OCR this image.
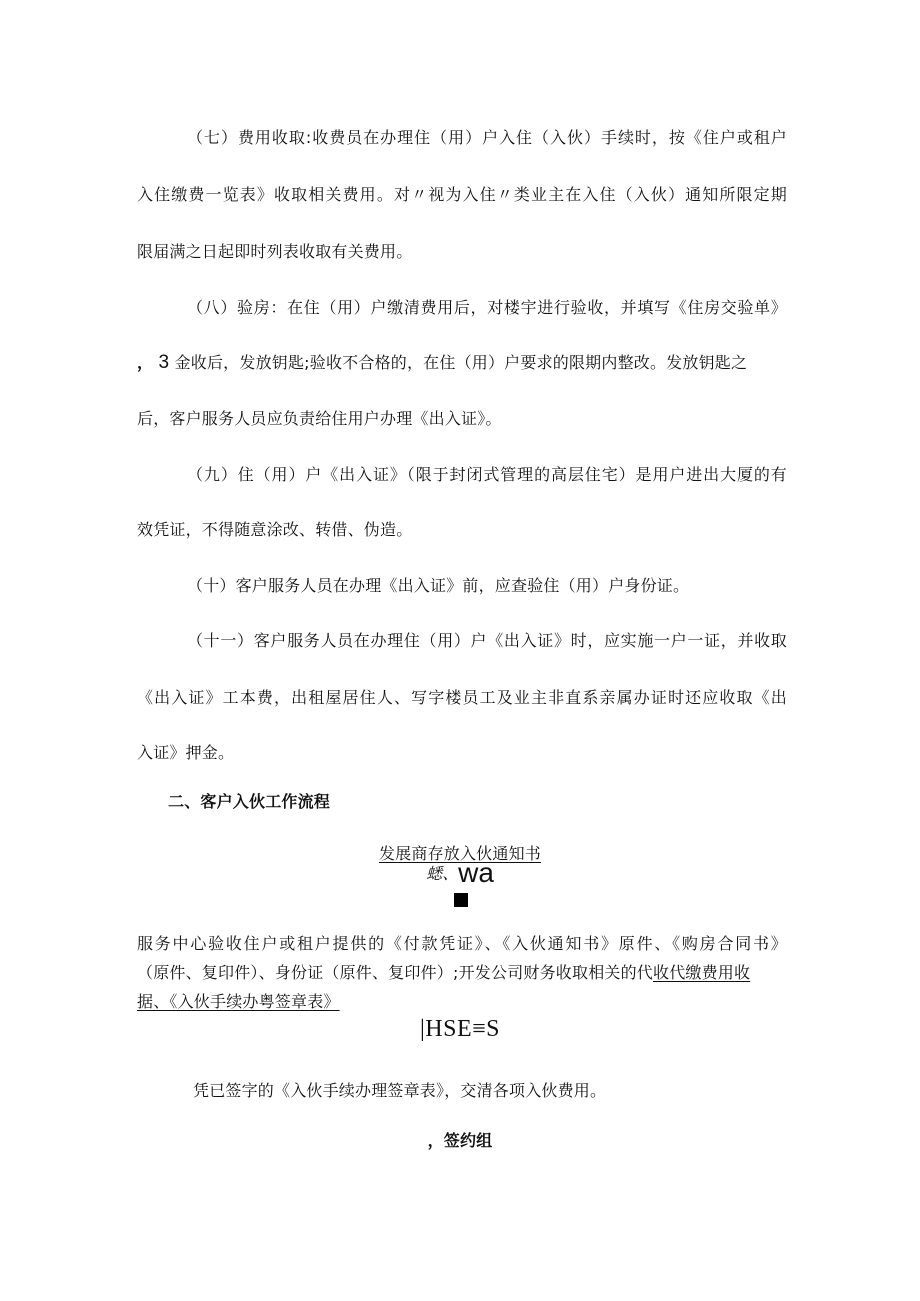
（七）费用收取:收费员在办理住（用）户入住（入伙）手续时，按《住户或租户
入住缴费一览表》收取相关费用。对〃视为入住〃类业主在入住（入伙）通知所限定期
限届满之日起即时列表收取有关费用。
（八）验房：在住（用）户缴清费用后，对楼宇进行验收，并填写《住房交验单》
， 3 金收后，发放钥匙;验收不合格的，在住（用）户要求的限期内整改。发放钥匙之
后，客户服务人员应负责给住用户办理《出入证》。
（九）住（用）户《出入证》（限于封闭式管理的高层住宅）是用户进出大厦的有
效凭证，不得随意涂改、转借、伪造。
（十）客户服务人员在办理《出入证》前，应查验住（用）户身份证。
（十一）客户服务人员在办理住（用）户《出入证》时，应实施一户一证，并收取
《出入证》工本费，出租屋居住人、写字楼员工及业主非直系亲属办证时还应收取《出
入证》押金。
二、客户入伙工作流程
发展商存放入伙通知书
蟋、wa
服务中心验收住户或租户提供的《付款凭证》、《入伙通知书》原件、《购房合同书》
（原件、复印件）、身份证（原件、复印件）;开发公司财务收取相关的代收代缴费用收
据、《入伙手续办粤签章表》
|HSE≡S
凭已签字的《入伙手续办理签章表》，交清各项入伙费用。
，签约组
